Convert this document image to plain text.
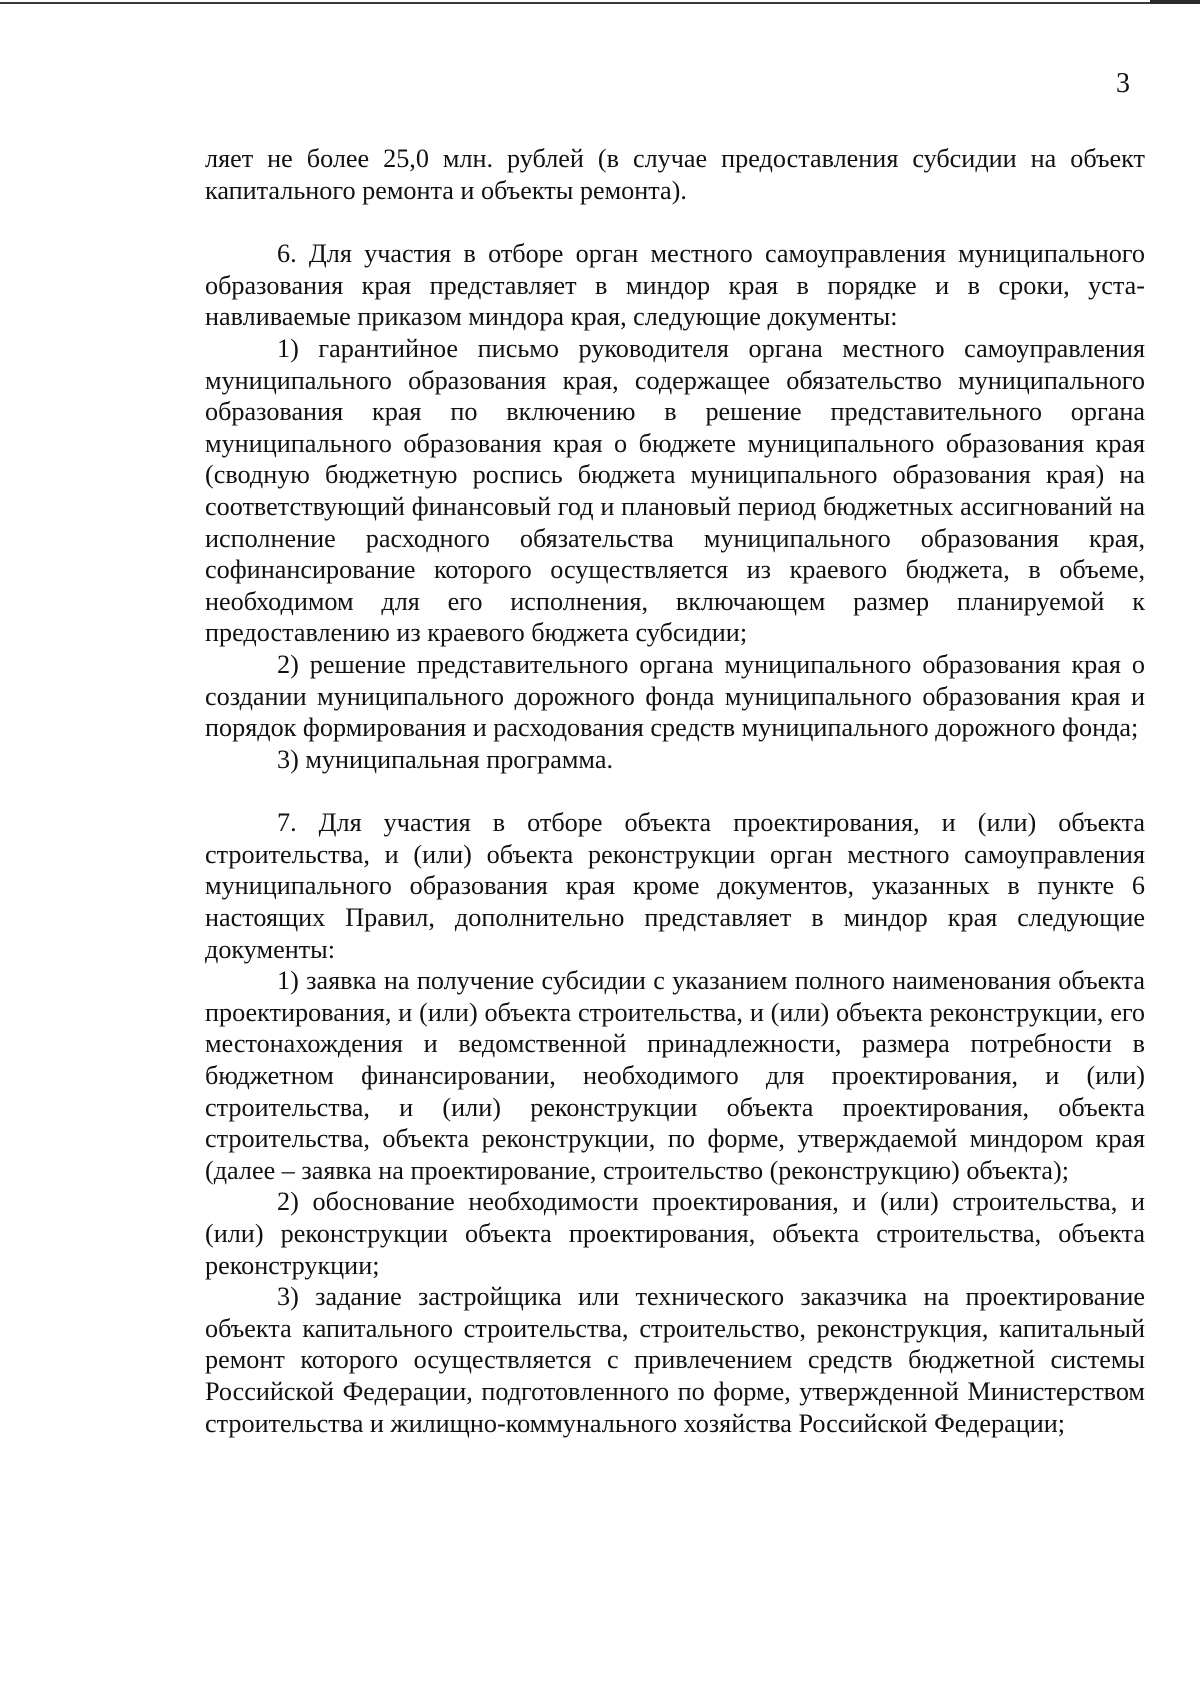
3

ляет не более 25,0 млн. рублей (в случае предоставления субсидии на объект капитального ремонта и объекты ремонта).

6. Для участия в отборе орган местного самоуправления муниципального образования края представляет в миндор края в порядке и в сроки, устанавливаемые приказом миндора края, следующие документы:

1) гарантийное письмо руководителя органа местного самоуправления муниципального образования края, содержащее обязательство муниципального образования края по включению в решение представительного органа муниципального образования края о бюджете муниципального образования края (сводную бюджетную роспись бюджета муниципального образования края) на соответствующий финансовый год и плановый период бюджетных ассигнований на исполнение расходного обязательства муниципального образования края, софинансирование которого осуществляется из краевого бюджета, в объеме, необходимом для его исполнения, включающем размер планируемой к предоставлению из краевого бюджета субсидии;

2) решение представительного органа муниципального образования края о создании муниципального дорожного фонда муниципального образования края и порядок формирования и расходования средств муниципального дорожного фонда;

3) муниципальная программа.

7. Для участия в отборе объекта проектирования, и (или) объекта строительства, и (или) объекта реконструкции орган местного самоуправления муниципального образования края кроме документов, указанных в пункте 6 настоящих Правил, дополнительно представляет в миндор края следующие документы:

1) заявка на получение субсидии с указанием полного наименования объекта проектирования, и (или) объекта строительства, и (или) объекта реконструкции, его местонахождения и ведомственной принадлежности, размера потребности в бюджетном финансировании, необходимого для проектирования, и (или) строительства, и (или) реконструкции объекта проектирования, объекта строительства, объекта реконструкции, по форме, утверждаемой миндором края (далее – заявка на проектирование, строительство (реконструкцию) объекта);

2) обоснование необходимости проектирования, и (или) строительства, и (или) реконструкции объекта проектирования, объекта строительства, объекта реконструкции;

3) задание застройщика или технического заказчика на проектирование объекта капитального строительства, строительство, реконструкция, капитальный ремонт которого осуществляется с привлечением средств бюджетной системы Российской Федерации, подготовленного по форме, утвержденной Министерством строительства и жилищно-коммунального хозяйства Российской Федерации;
